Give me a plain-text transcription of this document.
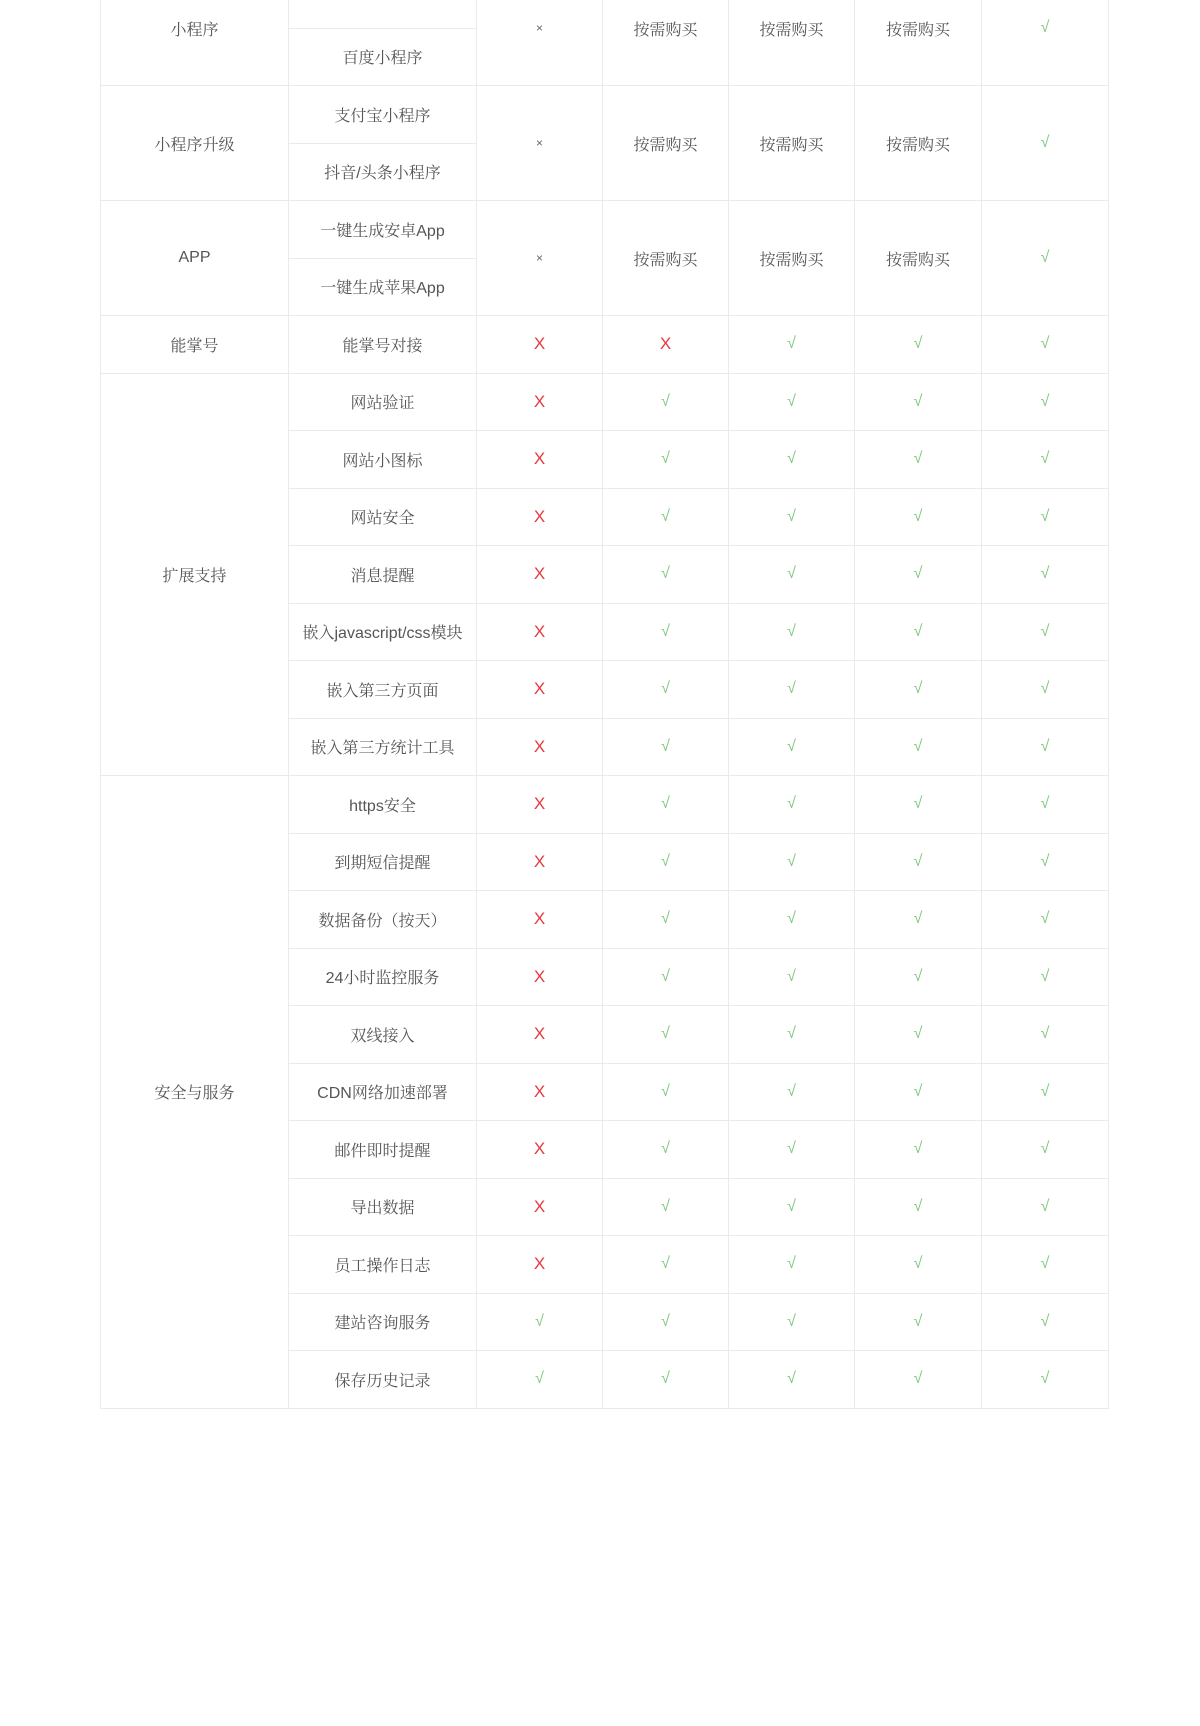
小程序		×	按需购买	按需购买	按需购买	√
	百度小程序					
小程序升级	支付宝小程序	×	按需购买	按需购买	按需购买	√
	抖音/头条小程序					
APP	一键生成安卓App	×	按需购买	按需购买	按需购买	√
	一键生成苹果App					
能掌号	能掌号对接	X	X	√	√	√
扩展支持	网站验证	X	√	√	√	√
	网站小图标	X	√	√	√	√
	网站安全	X	√	√	√	√
	消息提醒	X	√	√	√	√
	嵌入javascript/css模块	X	√	√	√	√
	嵌入第三方页面	X	√	√	√	√
	嵌入第三方统计工具	X	√	√	√	√
安全与服务	https安全	X	√	√	√	√
	到期短信提醒	X	√	√	√	√
	数据备份（按天）	X	√	√	√	√
	24小时监控服务	X	√	√	√	√
	双线接入	X	√	√	√	√
	CDN网络加速部署	X	√	√	√	√
	邮件即时提醒	X	√	√	√	√
	导出数据	X	√	√	√	√
	员工操作日志	X	√	√	√	√
	建站咨询服务	√	√	√	√	√
	保存历史记录	√	√	√	√	√
